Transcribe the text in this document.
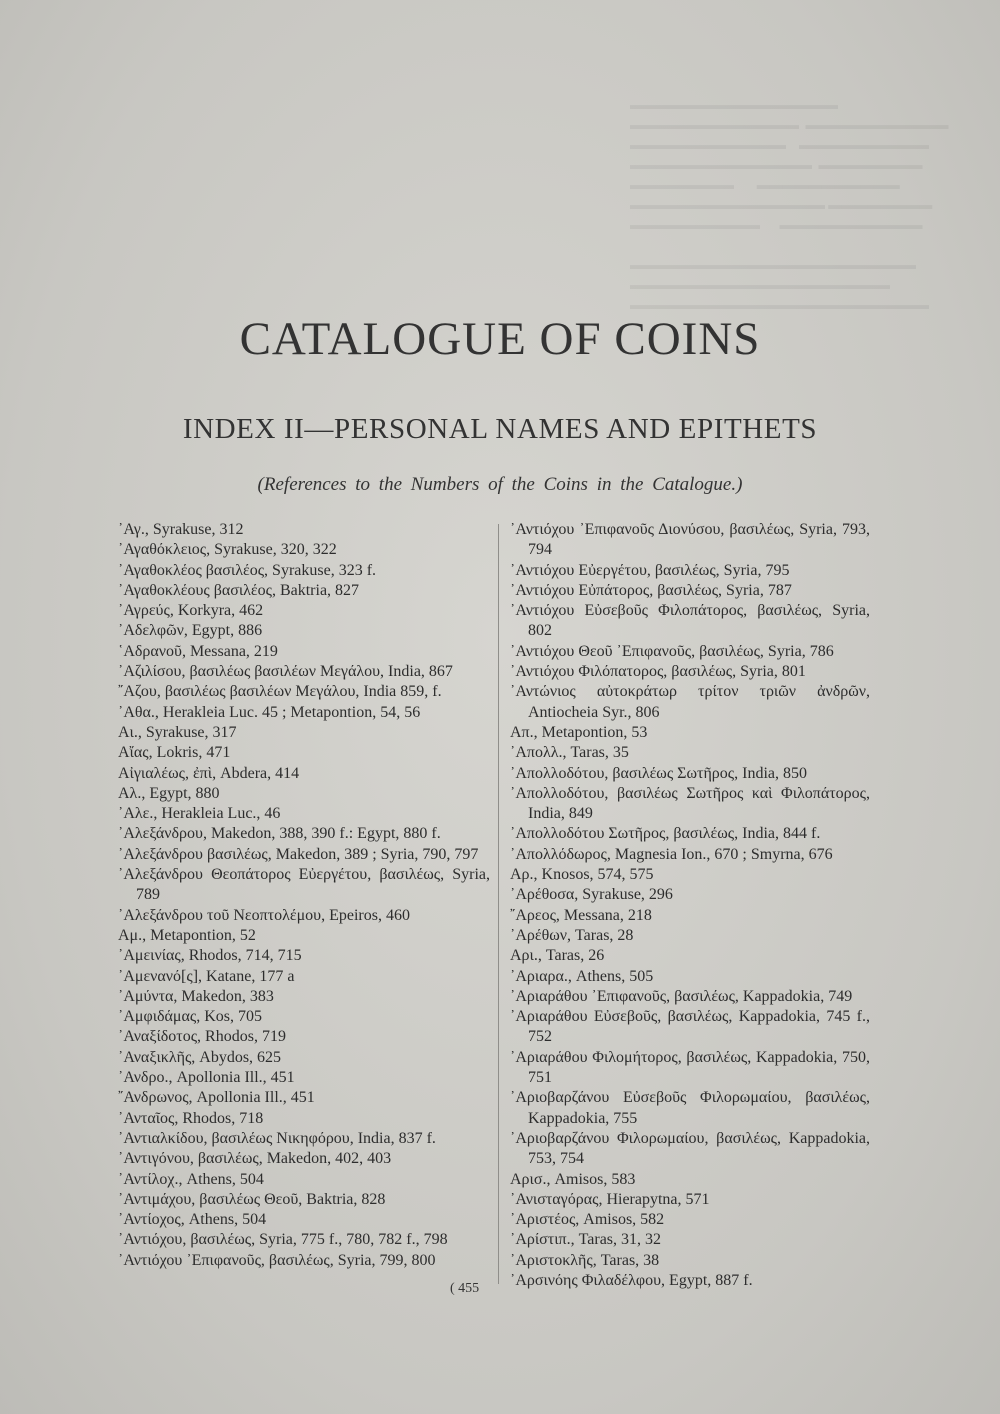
▬▬▬▬▬▬▬▬▬▬▬▬▬▬▬▬
▬▬▬▬▬▬▬▬▬▬▬▬▬  ▬▬▬▬▬▬▬▬▬▬▬
▬▬▬▬▬▬▬▬▬▬▬▬    ▬▬▬▬▬▬▬▬▬▬
▬▬▬▬▬▬▬▬▬▬▬▬▬▬  ▬▬▬▬▬▬▬▬
▬▬▬▬▬▬▬▬       ▬▬▬▬▬▬▬▬▬▬▬
▬▬▬▬▬▬▬▬▬▬▬▬▬▬▬ ▬▬▬▬▬▬▬▬
▬▬▬▬▬▬▬▬▬▬      ▬▬▬▬▬▬▬▬▬▬▬

▬▬▬▬▬▬▬▬▬▬▬▬▬▬▬▬▬▬▬▬▬▬
▬▬▬▬▬▬▬▬▬▬▬▬▬▬▬▬▬▬▬▬
▬▬▬▬▬▬▬▬▬▬▬▬▬▬▬▬▬▬▬▬▬▬▬
CATALOGUE OF COINS
INDEX II—PERSONAL NAMES AND EPITHETS
(References to the Numbers of the Coins in the Catalogue.)
᾿Αγ., Syrakuse, 312
᾿Αγαθόκλειος, Syrakuse, 320, 322
᾿Αγαθοκλέος βασιλέος, Syrakuse, 323 f.
᾿Αγαθοκλέους βασιλέος, Baktria, 827
᾿Αγρεύς, Korkyra, 462
᾿Αδελφῶν, Egypt, 886
῾Αδρανοῦ, Messana, 219
᾿Αζιλίσου, βασιλέως βασιλέων Μεγάλου, India, 867
῎Αζου, βασιλέως βασιλέων Μεγάλου, India 859, f.
᾿Αθα., Herakleia Luc. 45 ; Metapontion, 54, 56
Αι., Syrakuse, 317
Αἴας, Lokris, 471
Αἰγιαλέως, ἐπὶ, Abdera, 414
Αλ., Egypt, 880
᾿Αλε., Herakleia Luc., 46
᾿Αλεξάνδρου, Makedon, 388, 390 f.: Egypt, 880 f.
᾿Αλεξάνδρου βασιλέως, Makedon, 389 ; Syria, 790, 797
᾿Αλεξάνδρου Θεοπάτορος Εὐεργέτου, βασιλέως, Syria, 789
᾿Αλεξάνδρου τοῦ Νεοπτολέμου, Epeiros, 460
Αμ., Metapontion, 52
᾿Αμεινίας, Rhodos, 714, 715
᾿Αμενανό[ς], Katane, 177 a
᾿Αμύντα, Makedon, 383
᾿Αμφιδάμας, Kos, 705
᾿Αναξίδοτος, Rhodos, 719
᾿Αναξικλῆς, Abydos, 625
᾿Ανδρο., Apollonia Ill., 451
῎Ανδρωνος, Apollonia Ill., 451
᾿Ανταῖος, Rhodos, 718
᾿Αντιαλκίδου, βασιλέως Νικηφόρου, India, 837 f.
᾿Αντιγόνου, βασιλέως, Makedon, 402, 403
᾿Αντίλοχ., Athens, 504
᾿Αντιμάχου, βασιλέως Θεοῦ, Baktria, 828
᾿Αντίοχος, Athens, 504
᾿Αντιόχου, βασιλέως, Syria, 775 f., 780, 782 f., 798
᾿Αντιόχου ᾿Επιφανοῦς, βασιλέως, Syria, 799, 800
᾿Αντιόχου ᾿Επιφανοῦς Διονύσου, βασιλέως, Syria, 793, 794
᾿Αντιόχου Εὐεργέτου, βασιλέως, Syria, 795
᾿Αντιόχου Εὐπάτορος, βασιλέως, Syria, 787
᾿Αντιόχου Εὐσεβοῦς Φιλοπάτορος, βασιλέως, Syria, 802
᾿Αντιόχου Θεοῦ ᾿Επιφανοῦς, βασιλέως, Syria, 786
᾿Αντιόχου Φιλόπατορος, βασιλέως, Syria, 801
᾿Αντώνιος αὐτοκράτωρ τρίτον τριῶν ἀνδρῶν, Antiocheia Syr., 806
Απ., Metapontion, 53
᾿Απολλ., Taras, 35
᾿Απολλοδότου, βασιλέως Σωτῆρος, India, 850
᾿Απολλοδότου, βασιλέως Σωτῆρος καὶ Φιλοπάτορος, India, 849
᾿Απολλοδότου Σωτῆρος, βασιλέως, India, 844 f.
᾿Απολλόδωρος, Magnesia Ion., 670 ; Smyrna, 676
Αρ., Knosos, 574, 575
᾿Αρέθοσα, Syrakuse, 296
῎Αρεος, Messana, 218
᾿Αρέθων, Taras, 28
Αρι., Taras, 26
᾿Αριαρα., Athens, 505
᾿Αριαράθου ᾿Επιφανοῦς, βασιλέως, Kappadokia, 749
᾿Αριαράθου Εὐσεβοῦς, βασιλέως, Kappadokia, 745 f., 752
᾿Αριαράθου Φιλομήτορος, βασιλέως, Kappadokia, 750, 751
᾿Αριοβαρζάνου Εὐσεβοῦς Φιλορωμαίου, βασιλέως, Kappadokia, 755
᾿Αριοβαρζάνου Φιλορωμαίου, βασιλέως, Kappadokia, 753, 754
Αρισ., Amisos, 583
᾿Ανισταγόρας, Hierapytna, 571
᾿Αριστέος, Amisos, 582
᾿Αρίστιπ., Taras, 31, 32
᾿Αριστοκλῆς, Taras, 38
᾿Αρσινόης Φιλαδέλφου, Egypt, 887 f.
( 455
